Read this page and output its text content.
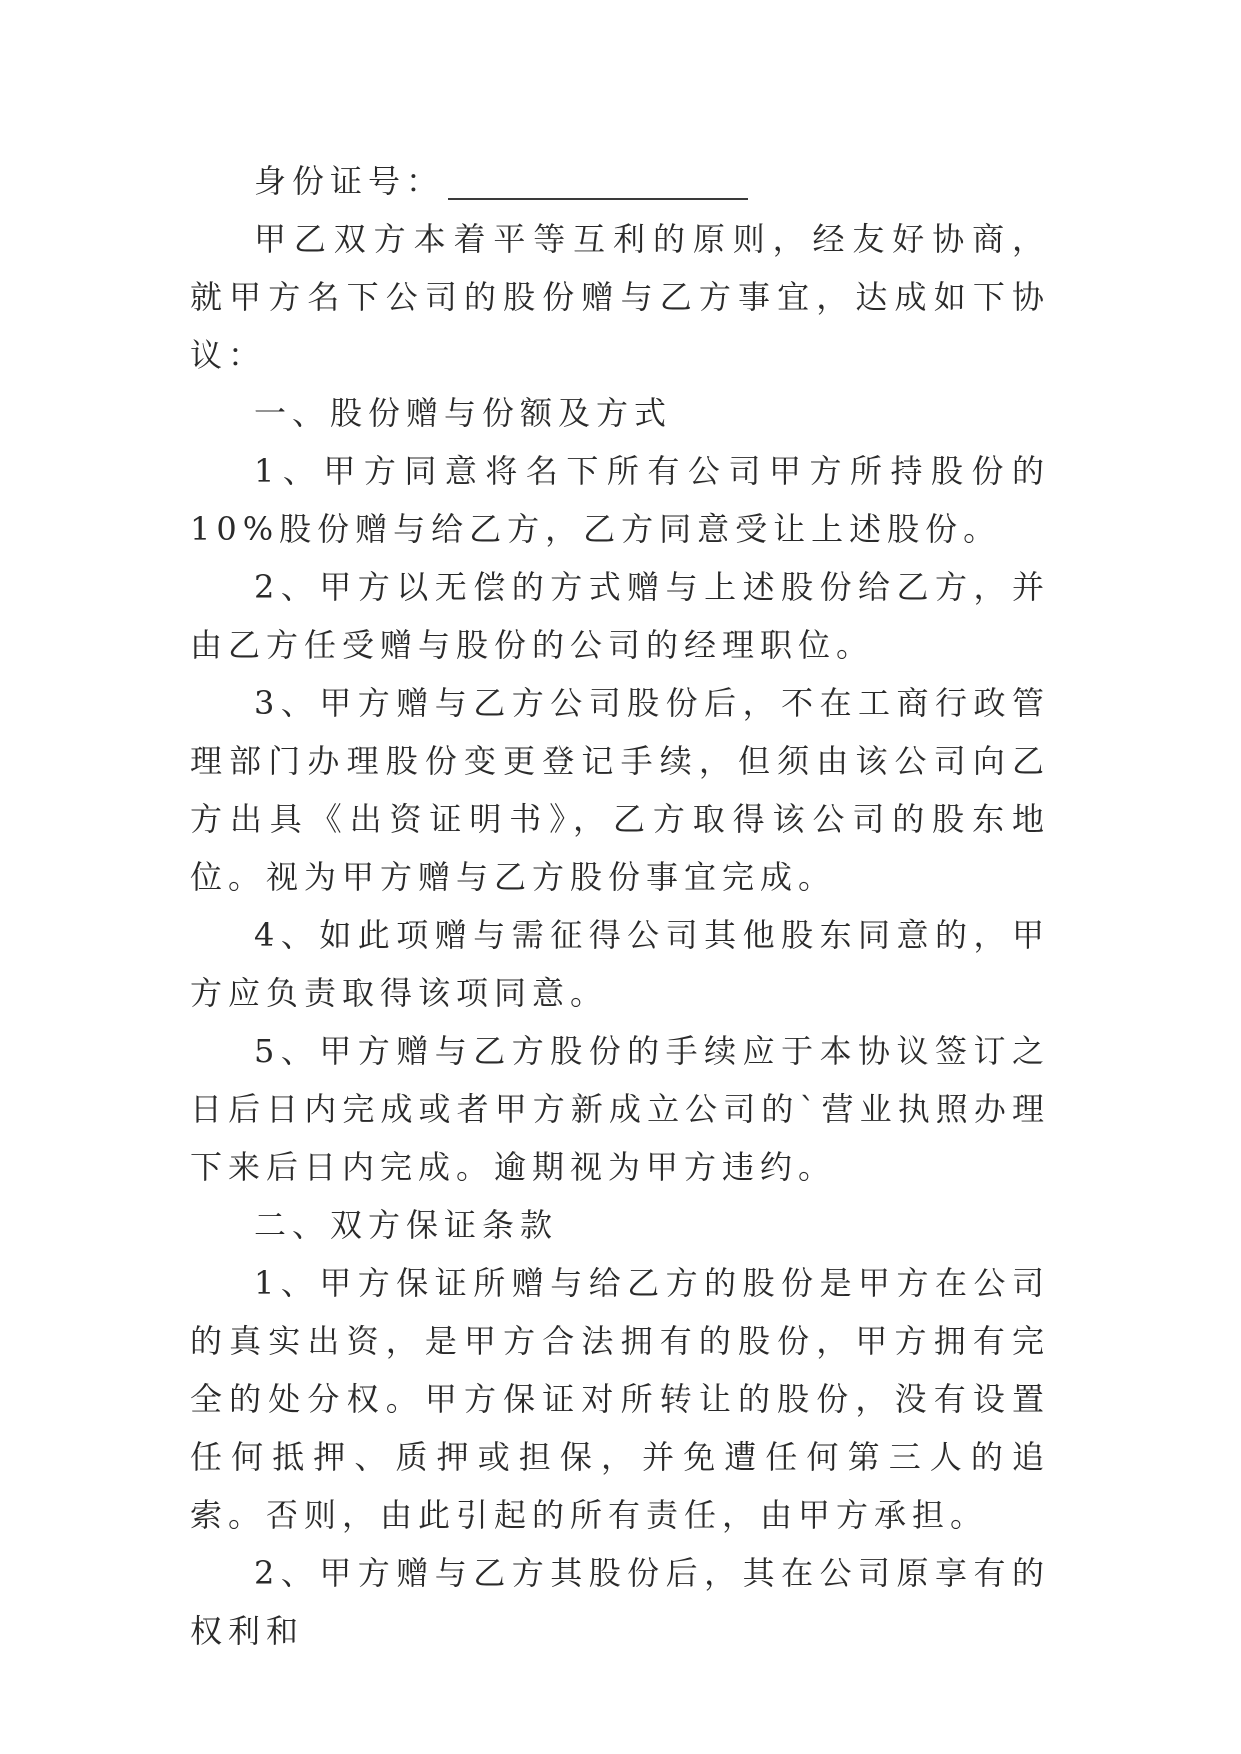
身份证号：

甲乙双方本着平等互利的原则，经友好协商，就甲方名下公司的股份赠与乙方事宜，达成如下协议：

一、股份赠与份额及方式

1、甲方同意将名下所有公司甲方所持股份的 10%股份赠与给乙方，乙方同意受让上述股份。

2、甲方以无偿的方式赠与上述股份给乙方，并由乙方任受赠与股份的公司的经理职位。

3、甲方赠与乙方公司股份后，不在工商行政管理部门办理股份变更登记手续，但须由该公司向乙方出具《出资证明书》，乙方取得该公司的股东地位。视为甲方赠与乙方股份事宜完成。

4、如此项赠与需征得公司其他股东同意的，甲方应负责取得该项同意。

5、甲方赠与乙方股份的手续应于本协议签订之日后日内完成或者甲方新成立公司的`营业执照办理下来后日内完成。逾期视为甲方违约。

二、双方保证条款

1、甲方保证所赠与给乙方的股份是甲方在公司的真实出资，是甲方合法拥有的股份，甲方拥有完全的处分权。甲方保证对所转让的股份，没有设置任何抵押、质押或担保，并免遭任何第三人的追索。否则，由此引起的所有责任，由甲方承担。

2、甲方赠与乙方其股份后，其在公司原享有的权利和
